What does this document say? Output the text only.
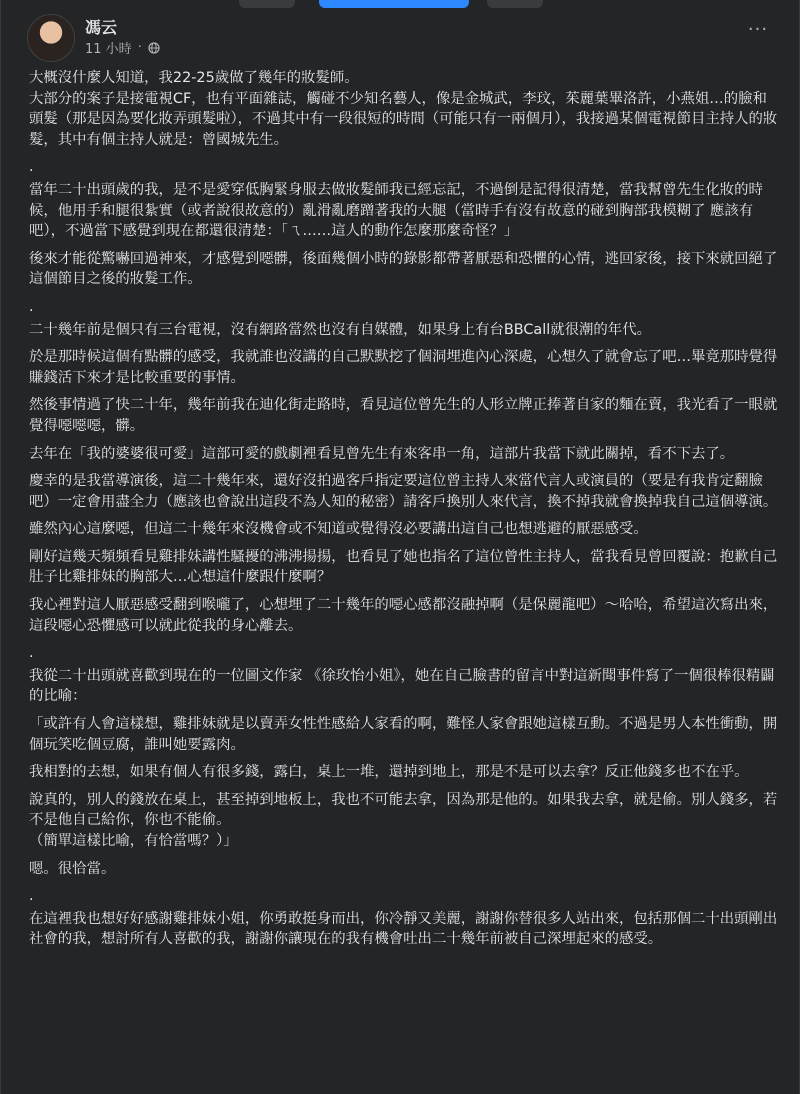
馮云
11 小時 ·
···

大概沒什麼人知道，我22-25歲做了幾年的妝髮師。
大部分的案子是接電視CF，也有平面雜誌，觸碰不少知名藝人，像是金城武，李玟，茱麗葉畢洛許，小燕姐…的臉和頭髮（那是因為要化妝弄頭髮啦），不過其中有一段很短的時間（可能只有一兩個月），我接過某個電視節目主持人的妝髮，其中有個主持人就是：曾國城先生。

.

當年二十出頭歲的我，是不是愛穿低胸緊身服去做妝髮師我已經忘記，不過倒是記得很清楚，當我幫曾先生化妝的時候，他用手和腿很紮實（或者說很故意的）亂滑亂磨蹭著我的大腿（當時手有沒有故意的碰到胸部我模糊了 應該有吧），不過當下感覺到現在都還很清楚：「ㄟ……這人的動作怎麼那麼奇怪？」

後來才能從驚嚇回過神來，才感覺到噁髒，後面幾個小時的錄影都帶著厭惡和恐懼的心情，逃回家後，接下來就回絕了這個節目之後的妝髮工作。

.

二十幾年前是個只有三台電視，沒有網路當然也沒有自媒體，如果身上有台BBCall就很潮的年代。

於是那時候這個有點髒的感受，我就誰也沒講的自己默默挖了個洞埋進內心深處，心想久了就會忘了吧…畢竟那時覺得賺錢活下來才是比較重要的事情。

然後事情過了快二十年，幾年前我在迪化街走路時，看見這位曾先生的人形立牌正捧著自家的麵在賣，我光看了一眼就覺得噁噁噁，髒。

去年在「我的婆婆很可愛」這部可愛的戲劇裡看見曾先生有來客串一角，這部片我當下就此關掉，看不下去了。

慶幸的是我當導演後，這二十幾年來，還好沒拍過客戶指定要這位曾主持人來當代言人或演員的（要是有我肯定翻臉吧）一定會用盡全力（應該也會說出這段不為人知的秘密）請客戶換別人來代言，換不掉我就會換掉我自己這個導演。

雖然內心這麼噁，但這二十幾年來沒機會或不知道或覺得沒必要講出這自己也想逃避的厭惡感受。

剛好這幾天頻頻看見雞排妹講性騷擾的沸沸揚揚，也看見了她也指名了這位曾性主持人，當我看見曾回覆說：抱歉自己肚子比雞排妹的胸部大…心想這什麼跟什麼啊？

我心裡對這人厭惡感受翻到喉嚨了，心想埋了二十幾年的噁心感都沒融掉啊（是保麗龍吧）～哈哈，希望這次寫出來，這段噁心恐懼感可以就此從我的身心離去。

.

我從二十出頭就喜歡到現在的一位圖文作家 《徐玫怡小姐》，她在自己臉書的留言中對這新聞事件寫了一個很棒很精闢的比喻：

「或許有人會這樣想，雞排妹就是以賣弄女性性感給人家看的啊，難怪人家會跟她這樣互動。不過是男人本性衝動，開個玩笑吃個豆腐，誰叫她要露肉。

我相對的去想，如果有個人有很多錢，露白，桌上一堆，還掉到地上，那是不是可以去拿？反正他錢多也不在乎。

說真的，別人的錢放在桌上，甚至掉到地板上，我也不可能去拿，因為那是他的。如果我去拿，就是偷。別人錢多，若不是他自己給你，你也不能偷。
（簡單這樣比喻，有恰當嗎？）」

嗯。很恰當。

.

在這裡我也想好好感謝雞排妹小姐，你勇敢挺身而出，你冷靜又美麗，謝謝你替很多人站出來，包括那個二十出頭剛出社會的我，想討所有人喜歡的我，謝謝你讓現在的我有機會吐出二十幾年前被自己深埋起來的感受。
